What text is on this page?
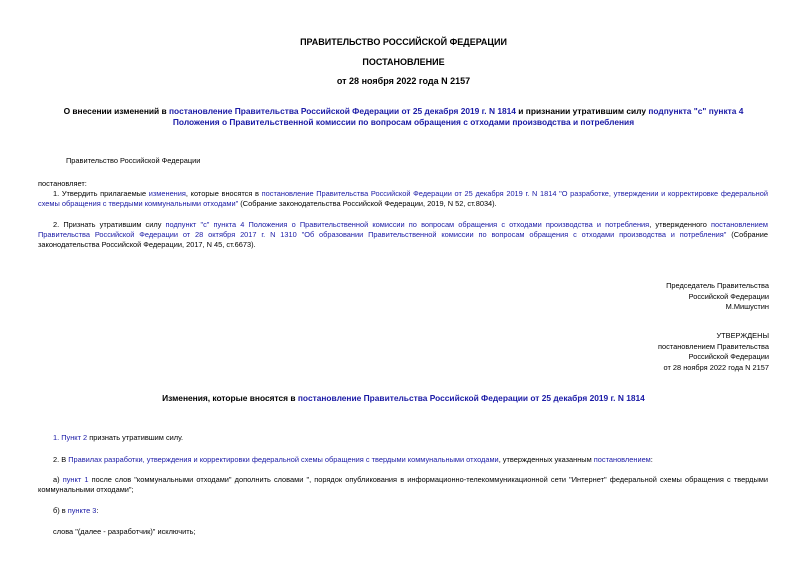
ПРАВИТЕЛЬСТВО РОССИЙСКОЙ ФЕДЕРАЦИИ
ПОСТАНОВЛЕНИЕ
от 28 ноября 2022 года N 2157
О внесении изменений в постановление Правительства Российской Федерации от 25 декабря 2019 г. N 1814 и признании утратившим силу подпункта "с" пункта 4
Положения о Правительственной комиссии по вопросам обращения с отходами производства и потребления
Правительство Российской Федерации
постановляет:
1. Утвердить прилагаемые изменения, которые вносятся в постановление Правительства Российской Федерации от 25 декабря 2019 г. N 1814 "О разработке, утверждении и корректировке федеральной схемы обращения с твердыми коммунальными отходами" (Собрание законодательства Российской Федерации, 2019, N 52, ст.8034).
2. Признать утратившим силу подпункт "с" пункта 4 Положения о Правительственной комиссии по вопросам обращения с отходами производства и потребления, утвержденного постановлением Правительства Российской Федерации от 28 октября 2017 г. N 1310 "Об образовании Правительственной комиссии по вопросам обращения с отходами производства и потребления" (Собрание законодательства Российской Федерации, 2017, N 45, ст.6673).
Председатель Правительства
Российской Федерации
М.Мишустин
УТВЕРЖДЕНЫ
постановлением Правительства
Российской Федерации
от 28 ноября 2022 года N 2157
Изменения, которые вносятся в постановление Правительства Российской Федерации от 25 декабря 2019 г. N 1814
1. Пункт 2 признать утратившим силу.
2. В Правилах разработки, утверждения и корректировки федеральной схемы обращения с твердыми коммунальными отходами, утвержденных указанным постановлением:
а) пункт 1 после слов "коммунальными отходами" дополнить словами ", порядок опубликования в информационно-телекоммуникационной сети "Интернет" федеральной схемы обращения с твердыми коммунальными отходами";
б) в пункте 3:
слова "(далее - разработчик)" исключить;
